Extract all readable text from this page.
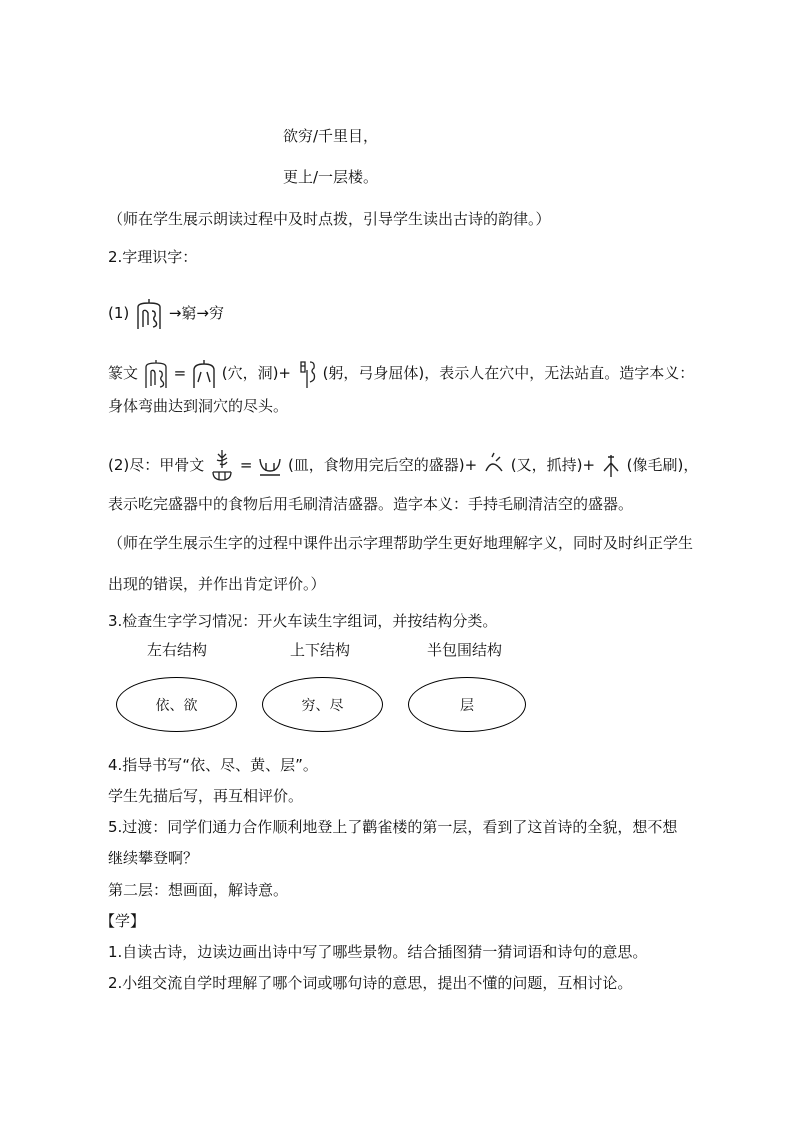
欲穷/千里目，
更上/一层楼。
（师在学生展示朗读过程中及时点拨，引导学生读出古诗的韵律。）
2.字理识字：
(1)	→窮→穷
篆文 = (穴，洞)+ (躬，弓身屈体)，表示人在穴中，无法站直。造字本义：
身体弯曲达到洞穴的尽头。
(2)尽：甲骨文 = (皿，食物用完后空的盛器)+ (又，抓持)+ (像毛刷)，
表示吃完盛器中的食物后用毛刷清洁盛器。造字本义：手持毛刷清洁空的盛器。
（师在学生展示生字的过程中课件出示字理帮助学生更好地理解字义，同时及时纠正学生
出现的错误，并作出肯定评价。）
3.检查生字学习情况：开火车读生字组词，并按结构分类。
左右结构	上下结构	半包围结构
依、欲	穷、尽	层
4.指导书写“依、尽、黄、层”。
学生先描后写，再互相评价。
5.过渡：同学们通力合作顺利地登上了鹳雀楼的第一层，看到了这首诗的全貌，想不想
继续攀登啊？
第二层：想画面，解诗意。
【学】
1.自读古诗，边读边画出诗中写了哪些景物。结合插图猜一猜词语和诗句的意思。
2.小组交流自学时理解了哪个词或哪句诗的意思，提出不懂的问题，互相讨论。
